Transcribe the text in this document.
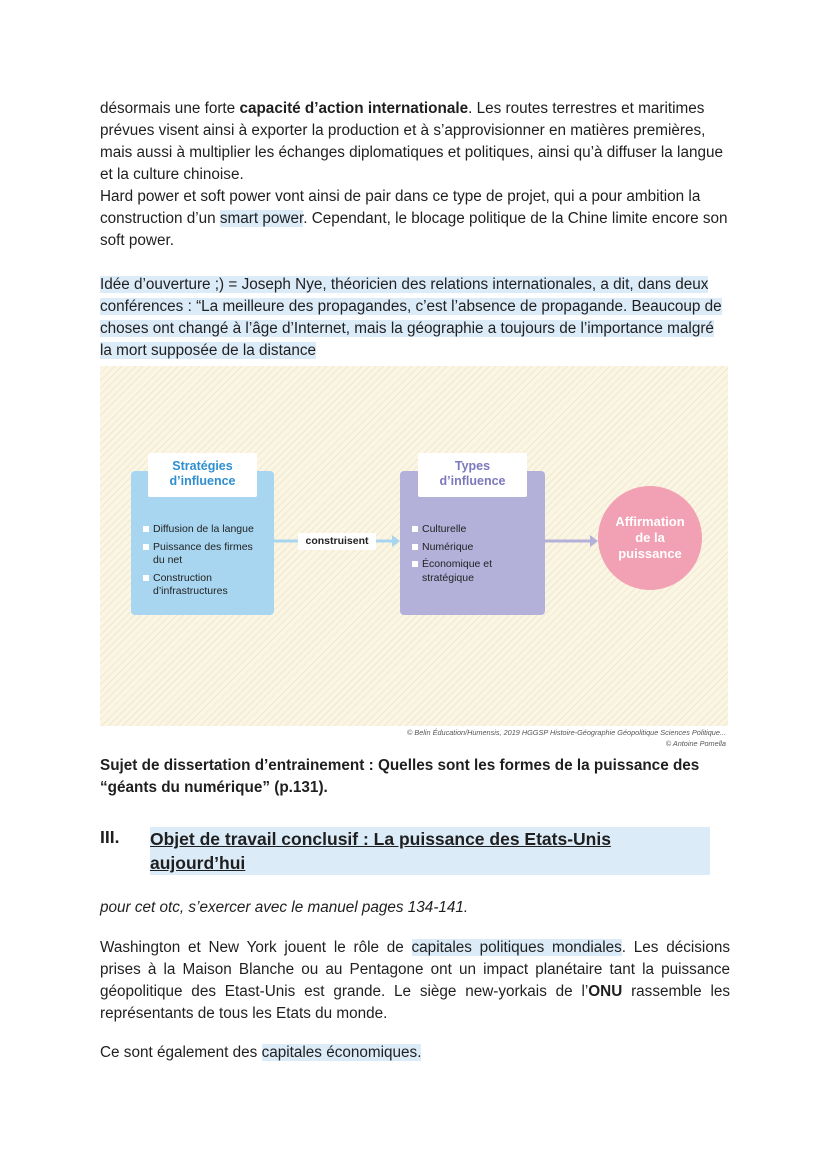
désormais une forte capacité d’action internationale. Les routes terrestres et maritimes prévues visent ainsi à exporter la production et à s’approvisionner en matières premières, mais aussi à multiplier les échanges diplomatiques et politiques, ainsi qu’à diffuser la langue et la culture chinoise.
Hard power et soft power vont ainsi de pair dans ce type de projet, qui a pour ambition la construction d’un smart power. Cependant, le blocage politique de la Chine limite encore son soft power.

Idée d’ouverture ;) = Joseph Nye, théoricien des relations internationales, a dit, dans deux conférences : “La meilleure des propagandes, c’est l’absence de propagande. Beaucoup de choses ont changé à l’âge d’Internet, mais la géographie a toujours de l’importance malgré la mort supposée de la distance

Stratégies
d’influence
Diffusion de la langue
Puissance des firmes du net
Construction d’infrastructures
construisent
Types
d’influence
Culturelle
Numérique
Économique et stratégique
Affirmation
de la
puissance
© Belin Éducation/Humensis, 2019 HGGSP Histoire-Géographie Géopolitique Sciences Politique...
© Antoine Pomella

Sujet de dissertation d’entrainement : Quelles sont les formes de la puissance des “géants du numérique” (p.131).

III. Objet de travail conclusif : La puissance des Etats-Unis aujourd’hui

pour cet otc, s’exercer avec le manuel pages 134-141.

Washington et New York jouent le rôle de capitales politiques mondiales. Les décisions prises à la Maison Blanche ou au Pentagone ont un impact planétaire tant la puissance géopolitique des Etast-Unis est grande. Le siège new-yorkais de l’ONU rassemble les représentants de tous les Etats du monde.

Ce sont également des capitales économiques.
